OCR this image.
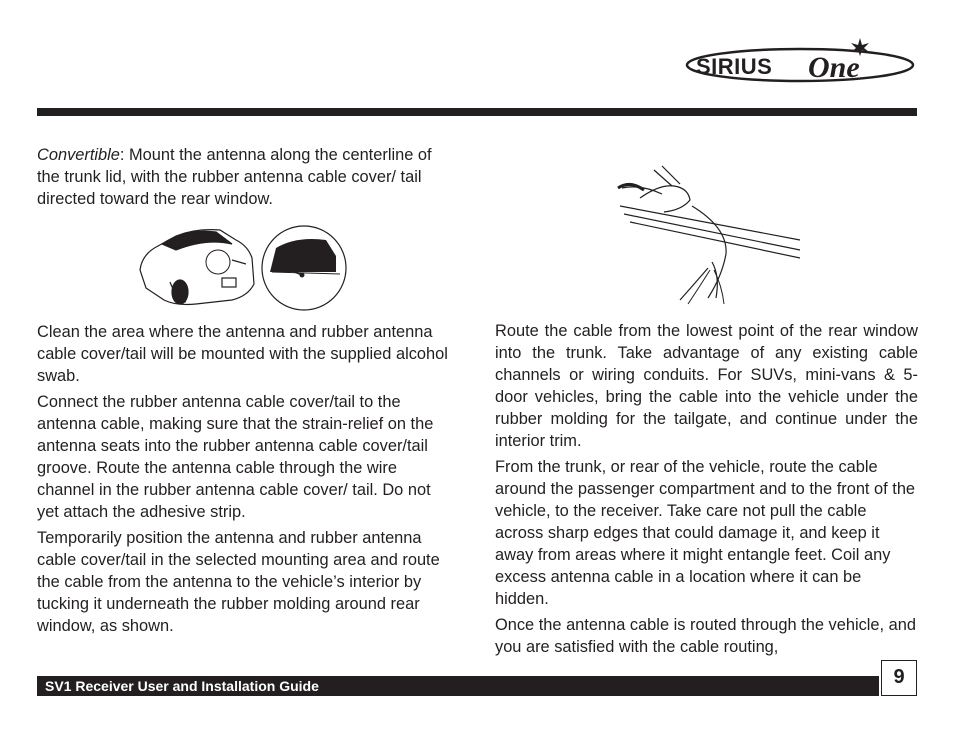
SIRIUS One

Convertible: Mount the antenna along the centerline of the trunk lid, with the rubber antenna cable cover/ tail directed toward the rear window.

Clean the area where the antenna and rubber antenna cable cover/tail will be mounted with the supplied alcohol swab.

Connect the rubber antenna cable cover/tail to the antenna cable, making sure that the strain-relief on the antenna seats into the rubber antenna cable cover/tail groove. Route the antenna cable through the wire channel in the rubber antenna cable cover/ tail. Do not yet attach the adhesive strip.

Temporarily position the antenna and rubber antenna cable cover/tail in the selected mounting area and route the cable from the antenna to the vehicle’s interior by tucking it underneath the rubber molding around rear window, as shown.

Route the cable from the lowest point of the rear window into the trunk. Take advantage of any existing cable channels or wiring conduits. For SUVs, mini-vans & 5-door vehicles, bring the cable into the vehicle under the rubber molding for the tailgate, and continue under the interior trim.

From the trunk, or rear of the vehicle, route the cable around the passenger compartment and to the front of the vehicle, to the receiver. Take care not pull the cable across sharp edges that could damage it, and keep it away from areas where it might entangle feet. Coil any excess antenna cable in a location where it can be hidden.

Once the antenna cable is routed through the vehicle, and you are satisfied with the cable routing,

SV1 Receiver User and Installation Guide	9
